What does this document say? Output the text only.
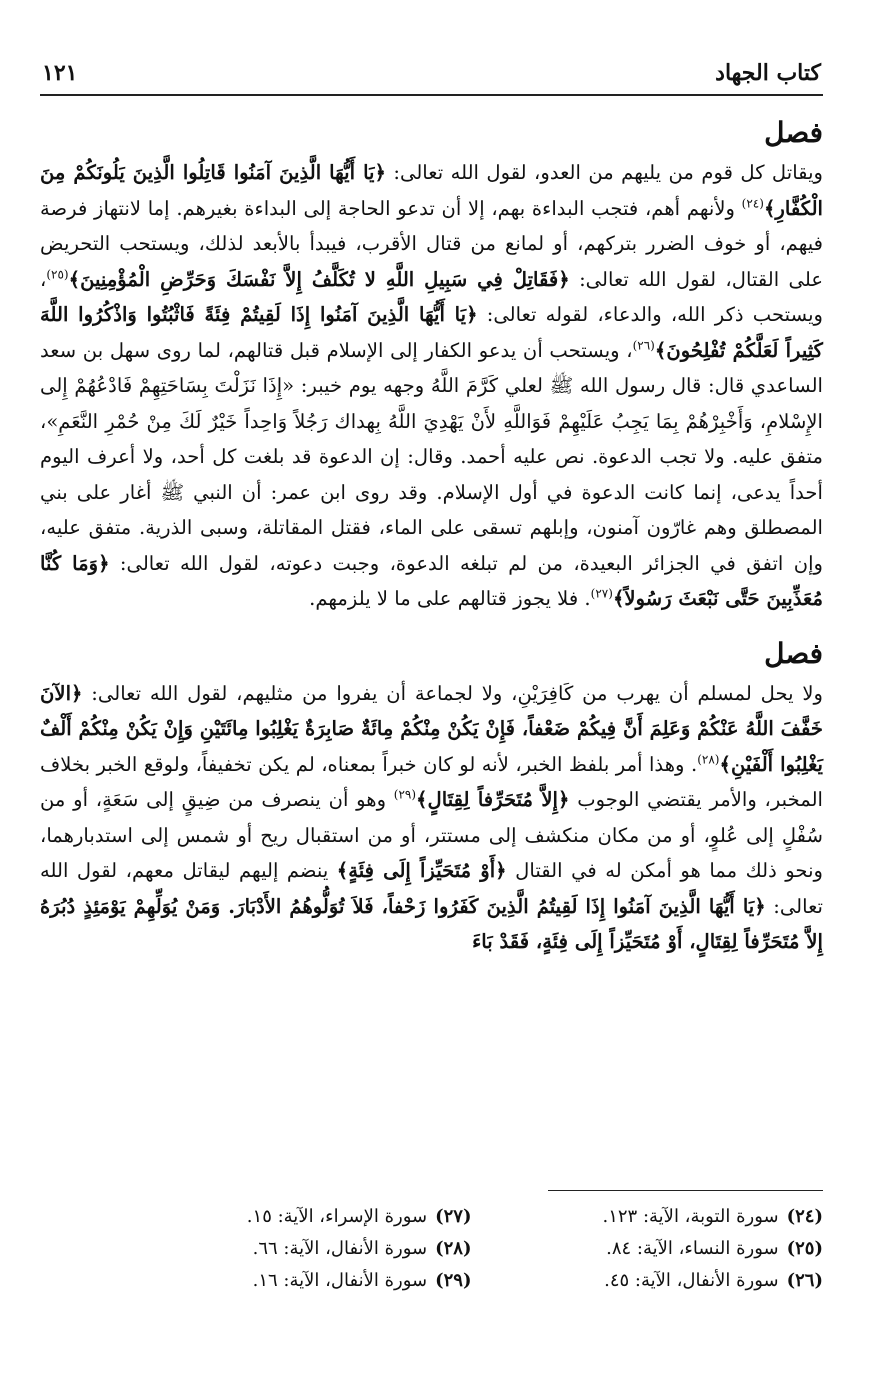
كتاب الجهاد
١٢١
فصل

ويقاتل كل قوم من يليهم من العدو، لقول الله تعالى: ﴿يَا أَيُّهَا الَّذِينَ آمَنُوا قَاتِلُوا الَّذِينَ يَلُونَكُمْ مِنَ الْكُفَّارِ﴾$^{(٢٤)}$ ولأنهم أهم، فتجب البداءة بهم، إلا أن تدعو الحاجة إلى البداءة بغيرهم. إما لانتهاز فرصة فيهم، أو خوف الضرر بتركهم، أو لمانع من قتال الأقرب، فيبدأ بالأبعد لذلك، ويستحب التحريض على القتال، لقول الله تعالى: ﴿فَقَاتِلْ فِي سَبِيلِ اللَّهِ لا تُكَلَّفُ إِلاَّ نَفْسَكَ وَحَرِّضِ الْمُؤْمِنِينَ﴾$^{(٢٥)}$، ويستحب ذكر الله، والدعاء، لقوله تعالى: ﴿يَا أَيُّهَا الَّذِينَ آمَنُوا إِذَا لَقِيتُمْ فِئَةً فَاثْبُتُوا وَاذْكُرُوا اللَّهَ كَثِيراً لَعَلَّكُمْ تُفْلِحُونَ﴾$^{(٢٦)}$، ويستحب أن يدعو الكفار إلى الإسلام قبل قتالهم، لما روى سهل بن سعد الساعدي قال: قال رسول الله ﷺ لعلي كَرَّمَ اللَّهُ وجهه يوم خيبر: «إِذَا نَزَلْتَ بِسَاحَتِهِمْ فَادْعُهُمْ إِلى الإِسْلامِ، وَأَخْبِرْهُمْ بِمَا يَجِبُ عَلَيْهِمْ فَوَاللَّهِ لأَنْ يَهْدِيَ اللَّهُ بِهداك رَجُلاً وَاحِداً خَيْرٌ لَكَ مِنْ حُمْرِ النَّعَمِ»، متفق عليه. ولا تجب الدعوة. نص عليه أحمد. وقال: إن الدعوة قد بلغت كل أحد، ولا أعرف اليوم أحداً يدعى، إنما كانت الدعوة في أول الإسلام. وقد روى ابن عمر: أن النبي ﷺ أغار على بني المصطلق وهم غارّون آمنون، وإبلهم تسقى على الماء، فقتل المقاتلة، وسبى الذرية. متفق عليه، وإن اتفق في الجزائر البعيدة، من لم تبلغه الدعوة، وجبت دعوته، لقول الله تعالى: ﴿وَمَا كُنَّا مُعَذِّبِينَ حَتَّى نَبْعَثَ رَسُولاً﴾$^{(٢٧)}$. فلا يجوز قتالهم على ما لا يلزمهم.

فصل

ولا يحل لمسلم أن يهرب من كَافِرَيْنِ، ولا لجماعة أن يفروا من مثليهم، لقول الله تعالى: ﴿الآنَ خَفَّفَ اللَّهُ عَنْكُمْ وَعَلِمَ أَنَّ فِيكُمْ ضَعْفاً، فَإِنْ يَكُنْ مِنْكُمْ مِائَةٌ صَابِرَةٌ يَغْلِبُوا مِائَتَيْنِ وَإِنْ يَكُنْ مِنْكُمْ أَلْفٌ يَغْلِبُوا أَلْفَيْنِ﴾$^{(٢٨)}$. وهذا أمر بلفظ الخبر، لأنه لو كان خبراً بمعناه، لم يكن تخفيفاً، ولوقع الخبر بخلاف المخبر، والأمر يقتضي الوجوب ﴿إِلاَّ مُتَحَرِّفاً لِقِتَالٍ﴾$^{(٢٩)}$ وهو أن ينصرف من ضِيقٍ إلى سَعَةٍ، أو من سُفْلٍ إلى عُلوٍ، أو من مكان منكشف إلى مستتر، أو من استقبال ريح أو شمس إلى استدبارهما، ونحو ذلك مما هو أمكن له في القتال ﴿أَوْ مُتَحَيِّزاً إِلَى فِئَةٍ﴾ ينضم إليهم ليقاتل معهم، لقول الله تعالى: ﴿يَا أَيُّهَا الَّذِينَ آمَنُوا إِذَا لَقِيتُمُ الَّذِينَ كَفَرُوا زَحْفاً، فَلاَ تُوَلُّوهُمُ الأَدْبَارَ. وَمَنْ يُوَلِّهِمْ يَوْمَئِذٍ دُبُرَهُ إِلاَّ مُتَحَرِّفاً لِقِتَالٍ، أَوْ مُتَحَيِّزاً إِلَى فِئَةٍ، فَقَدْ بَاءَ

(٢٤)سورة التوبة، الآية: ١٢٣.
(٢٧)سورة الإسراء، الآية: ١٥.
(٢٥)سورة النساء، الآية: ٨٤.
(٢٨)سورة الأنفال، الآية: ٦٦.
(٢٦)سورة الأنفال، الآية: ٤٥.
(٢٩)سورة الأنفال، الآية: ١٦.
